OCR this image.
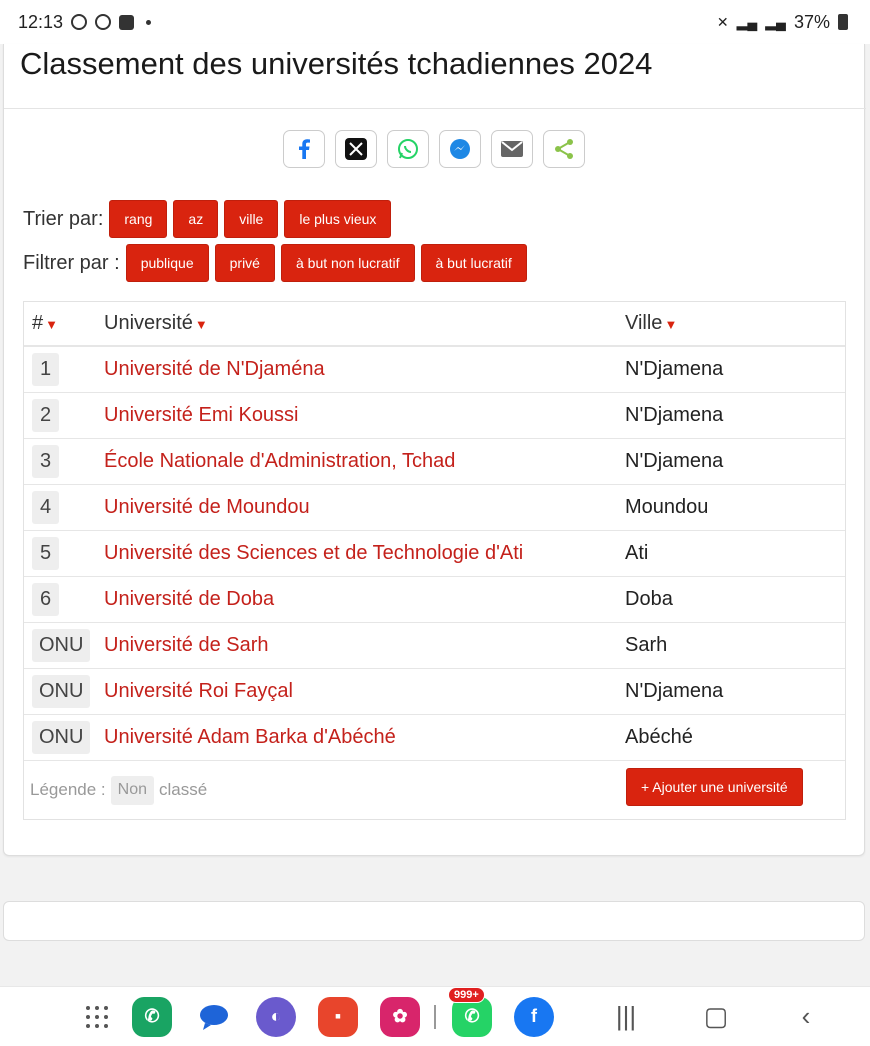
12:13	✕ ▂▄ ▂▄ 37%
Classement des universités tchadiennes 2024
Trier par:	rang	az	ville	le plus vieux
Filtrer par :	publique	privé	à but non lucratif	à but lucratif
# ▼	Université ▼	Ville ▼
1	Université de N'Djaména	N'Djamena
2	Université Emi Koussi	N'Djamena
3	École Nationale d'Administration, Tchad	N'Djamena
4	Université de Moundou	Moundou
5	Université des Sciences et de Technologie d'Ati	Ati
6	Université de Doba	Doba
ONU	Université de Sarh	Sarh
ONU	Université Roi Fayçal	N'Djamena
ONU	Université Adam Barka d'Abéché	Abéché
Légende : Non classé	+ Ajouter une université
✆	◐	▪	✿	✆
999+
f	|||	▢	‹
